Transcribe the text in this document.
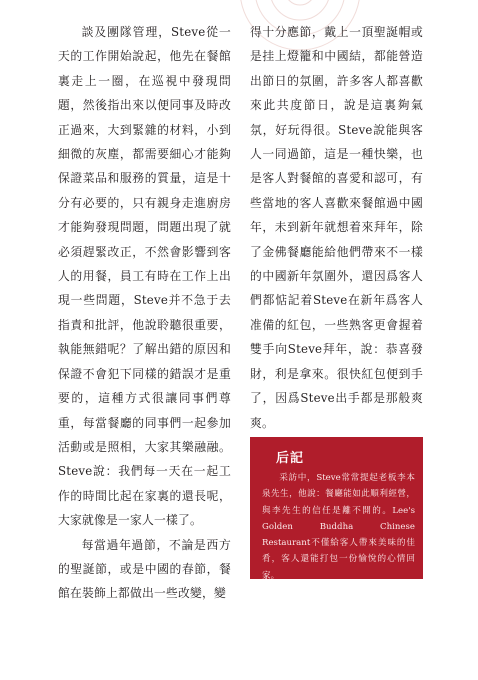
談及團隊管理，Steve從一天的工作開始說起，他先在餐館裏走上一圈，在巡視中發現問題，然後指出來以便同事及時改正過來，大到緊雜的材料，小到細微的灰塵，都需要細心才能夠保證菜品和服務的質量，這是十分有必要的，只有親身走進廚房才能夠發現問題，問題出現了就必須趕緊改正，不然會影響到客人的用餐，員工有時在工作上出現一些問題，Steve并不急于去指責和批評，他說聆聽很重要，執能無錯呢？了解出錯的原因和保證不會犯下同樣的錯誤才是重要的，這種方式很讓同事們尊重，每當餐廳的同事們一起參加活動或是照相，大家其樂融融。Steve說：我們每一天在一起工作的時間比起在家裏的還長呢，大家就像是一家人一樣了。

每當過年過節，不論是西方的聖誕節，或是中國的春節，餐館在裝飾上都做出一些改變，變

得十分應節，戴上一頂聖誕帽或是挂上燈籠和中國結，都能營造出節日的氛圍，許多客人都喜歡來此共度節日，說是這裏夠氣氛，好玩得很。Steve說能與客人一同過節，這是一種快樂，也是客人對餐館的喜愛和認可，有些當地的客人喜歡來餐館過中國年，未到新年就想着來拜年，除了金佛餐廳能給他們帶來不一樣的中國新年氛圍外，還因爲客人們都惦記着Steve在新年爲客人准備的紅包，一些熟客更會握着雙手向Steve拜年，說：恭喜發財，利是拿來。很快紅包便到手了，因爲Steve出手都是那般爽爽。

后記

采訪中，Steve常常提起老板李本泉先生，他說：餐廳能如此順利經營，與李先生的信任是離不開的。Lee's Golden Buddha Chinese Restaurant不僅給客人帶來美味的佳肴，客人還能打包一份愉悅的心情回家。
